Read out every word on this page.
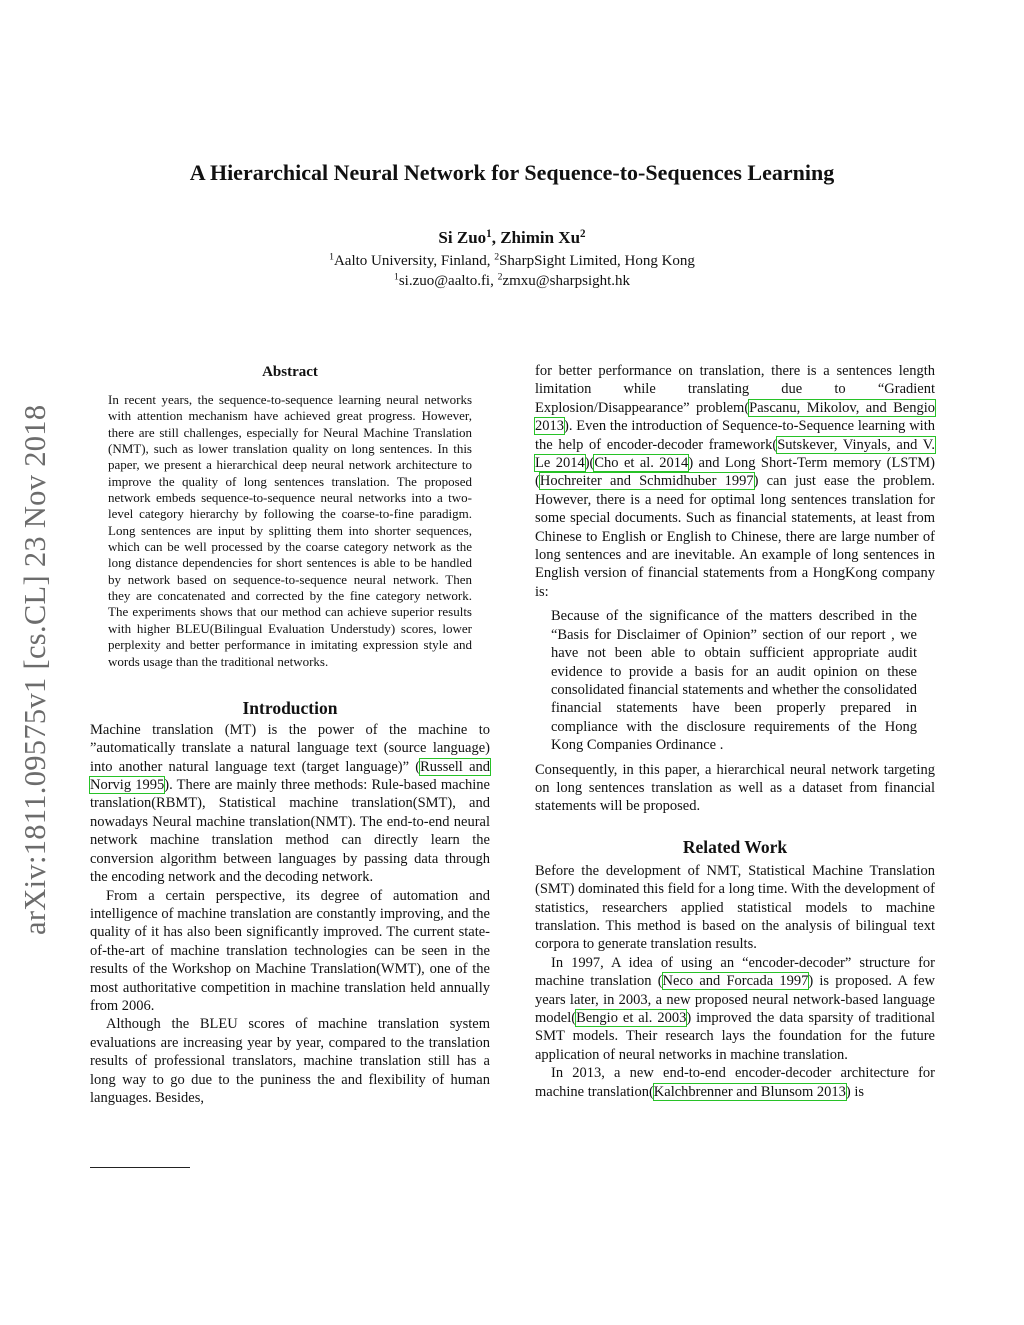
arXiv:1811.09575v1 [cs.CL] 23 Nov 2018
A Hierarchical Neural Network for Sequence-to-Sequences Learning
Si Zuo$^1$, Zhimin Xu$^2$
$^1$Aalto University, Finland, $^2$SharpSight Limited, Hong Kong
$^1$si.zuo@aalto.fi, $^2$zmxu@sharpsight.hk
Abstract

In recent years, the sequence-to-sequence learning neural networks with attention mechanism have achieved great progress. However, there are still challenges, especially for Neural Machine Translation (NMT), such as lower translation quality on long sentences. In this paper, we present a hierarchical deep neural network architecture to improve the quality of long sentences translation. The proposed network embeds sequence-to-sequence neural networks into a two-level category hierarchy by following the coarse-to-fine paradigm. Long sentences are input by splitting them into shorter sequences, which can be well processed by the coarse category network as the long distance dependencies for short sentences is able to be handled by network based on sequence-to-sequence neural network. Then they are concatenated and corrected by the fine category network. The experiments shows that our method can achieve superior results with higher BLEU(Bilingual Evaluation Understudy) scores, lower perplexity and better performance in imitating expression style and words usage than the traditional networks.

Introduction

Machine translation (MT) is the power of the machine to ”automatically translate a natural language text (source language) into another natural language text (target language)” (Russell and Norvig 1995). There are mainly three methods: Rule-based machine translation(RBMT), Statistical machine translation(SMT), and nowadays Neural machine translation(NMT). The end-to-end neural network machine translation method can directly learn the conversion algorithm between languages by passing data through the encoding network and the decoding network.

From a certain perspective, its degree of automation and intelligence of machine translation are constantly improving, and the quality of it has also been significantly improved. The current state-of-the-art of machine translation technologies can be seen in the results of the Workshop on Machine Translation(WMT), one of the most authoritative competition in machine translation held annually from 2006.

Although the BLEU scores of machine translation system evaluations are increasing year by year, compared to the translation results of professional translators, machine translation still has a long way to go due to the puniness the and flexibility of human languages. Besides,

for better performance on translation, there is a sentences length limitation while translating due to “Gradient Explosion/Disappearance” problem(Pascanu, Mikolov, and Bengio 2013). Even the introduction of Sequence-to-Sequence learning with the help of encoder-decoder framework(Sutskever, Vinyals, and V. Le 2014)(Cho et al. 2014) and Long Short-Term memory (LSTM)(Hochreiter and Schmidhuber 1997) can just ease the problem. However, there is a need for optimal long sentences translation for some special documents. Such as financial statements, at least from Chinese to English or English to Chinese, there are large number of long sentences and are inevitable. An example of long sentences in English version of financial statements from a HongKong company is:

Because of the significance of the matters described in the “Basis for Disclaimer of Opinion” section of our report , we have not been able to obtain sufficient appropriate audit evidence to provide a basis for an audit opinion on these consolidated financial statements and whether the consolidated financial statements have been properly prepared in compliance with the disclosure requirements of the Hong Kong Companies Ordinance .

Consequently, in this paper, a hierarchical neural network targeting on long sentences translation as well as a dataset from financial statements will be proposed.

Related Work

Before the development of NMT, Statistical Machine Translation (SMT) dominated this field for a long time. With the development of statistics, researchers applied statistical models to machine translation. This method is based on the analysis of bilingual text corpora to generate translation results.

In 1997, A idea of using an “encoder-decoder” structure for machine translation (Neco and Forcada 1997) is proposed. A few years later, in 2003, a new proposed neural network-based language model(Bengio et al. 2003) improved the data sparsity of traditional SMT models. Their research lays the foundation for the future application of neural networks in machine translation.

In 2013, a new end-to-end encoder-decoder architecture for machine translation(Kalchbrenner and Blunsom 2013) is
